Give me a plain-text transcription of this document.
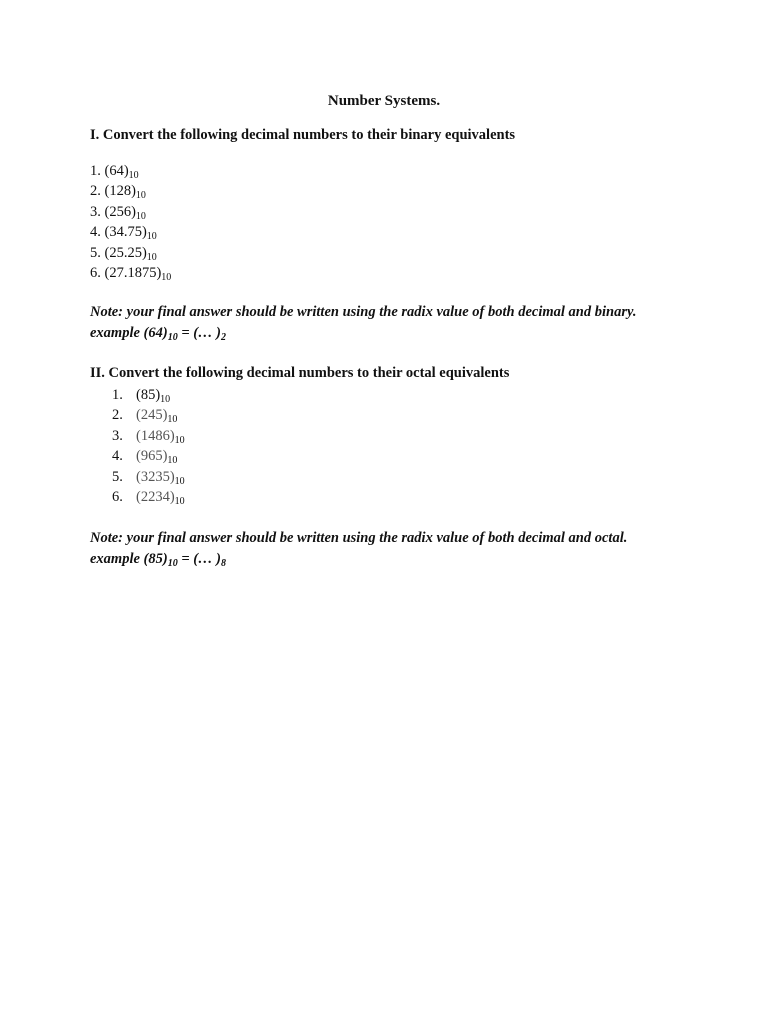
Number Systems.
I. Convert the following decimal numbers to their binary equivalents
1. $(64)_{10}$
2. $(128)_{10}$
3. $(256)_{10}$
4. $(34.75)_{10}$
5. $(25.25)_{10}$
6. $(27.1875)_{10}$
Note: your final answer should be written using the radix value of both decimal and binary.
example $(64)_{10}$ = (… )$_2$
II. Convert the following decimal numbers to their octal equivalents
1. $(85)_{10}$
2. $(245)_{10}$
3. $(1486)_{10}$
4. $(965)_{10}$
5. $(3235)_{10}$
6. $(2234)_{10}$
Note: your final answer should be written using the radix value of both decimal and octal.
example $(85)_{10}$ = (… )$_8$
